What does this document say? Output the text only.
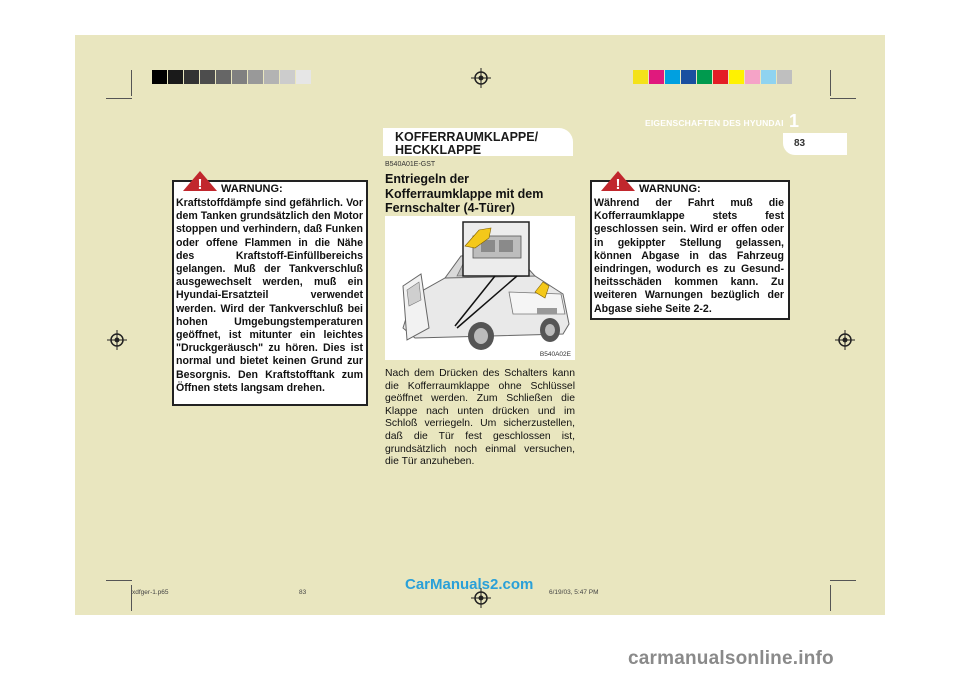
KOFFERRAUMKLAPPE/ HECKKLAPPE
1
EIGENSCHAFTEN DES HYUNDAI
83
! WARNUNG:
Kraftstoffdämpfe sind gefährlich. Vor dem Tanken grundsätzlich den Motor stoppen und verhindern, daß Funken oder offene Flammen in die Nähe des Kraftstoff-Einfüllbereichs gelangen. Muß der Tankverschluß ausgewechselt werden, muß ein Hyundai-Ersatzteil verwendet werden. Wird der Tankverschluß bei hohen Umgebungstemperaturen geöffnet, ist mitunter ein leichtes "Druckgeräusch" zu hören. Dies ist normal und bietet keinen Grund zur Besorgnis. Den Kraftstofftank zum Öffnen stets langsam drehen.
B540A01E-GST
Entriegeln der Kofferraumklappe mit dem Fernschalter (4-Türer)
B540A02E
Nach dem Drücken des Schalters kann die Kofferraumklappe ohne Schlüssel geöffnet werden. Zum Schließen die Klappe nach unten drücken und im Schloß verriegeln. Um sicherzustellen, daß die Tür fest geschlossen ist, grundsätzlich noch einmal versuchen, die Tür anzuheben.
! WARNUNG:
Während der Fahrt muß die Kofferraumklappe stets fest geschlossen sein. Wird er offen oder in gekippter Stellung gelassen, können Abgase in das Fahrzeug eindringen, wodurch es zu Gesund-heitsschäden kommen kann. Zu weiteren Warnungen bezüglich der Abgase siehe Seite 2-2.
xdfger-1.p65	83	6/19/03, 5:47 PM
CarManuals2.com
carmanualsonline.info
